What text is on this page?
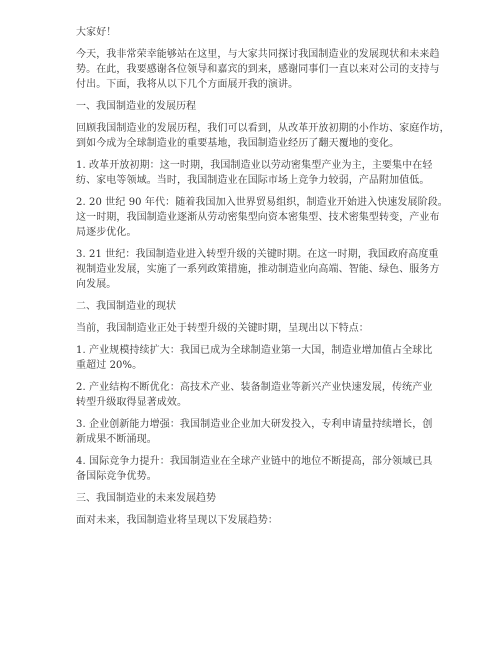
大家好！

今天，我非常荣幸能够站在这里，与大家共同探讨我国制造业的发展现状和未来趋
势。在此，我要感谢各位领导和嘉宾的到来，感谢同事们一直以来对公司的支持与
付出。下面，我将从以下几个方面展开我的演讲。

一、我国制造业的发展历程

回顾我国制造业的发展历程，我们可以看到，从改革开放初期的小作坊、家庭作坊，
到如今成为全球制造业的重要基地，我国制造业经历了翻天覆地的变化。

1. 改革开放初期：这一时期，我国制造业以劳动密集型产业为主，主要集中在轻
纺、家电等领域。当时，我国制造业在国际市场上竞争力较弱，产品附加值低。

2. 20 世纪 90 年代：随着我国加入世界贸易组织，制造业开始进入快速发展阶段。
这一时期，我国制造业逐渐从劳动密集型向资本密集型、技术密集型转变，产业布
局逐步优化。

3. 21 世纪：我国制造业进入转型升级的关键时期。在这一时期，我国政府高度重
视制造业发展，实施了一系列政策措施，推动制造业向高端、智能、绿色、服务方
向发展。

二、我国制造业的现状

当前，我国制造业正处于转型升级的关键时期，呈现出以下特点：

1. 产业规模持续扩大：我国已成为全球制造业第一大国，制造业增加值占全球比
重超过 20%。

2. 产业结构不断优化：高技术产业、装备制造业等新兴产业快速发展，传统产业
转型升级取得显著成效。

3. 企业创新能力增强：我国制造业企业加大研发投入，专利申请量持续增长，创
新成果不断涌现。

4. 国际竞争力提升：我国制造业在全球产业链中的地位不断提高，部分领域已具
备国际竞争优势。

三、我国制造业的未来发展趋势

面对未来，我国制造业将呈现以下发展趋势：
